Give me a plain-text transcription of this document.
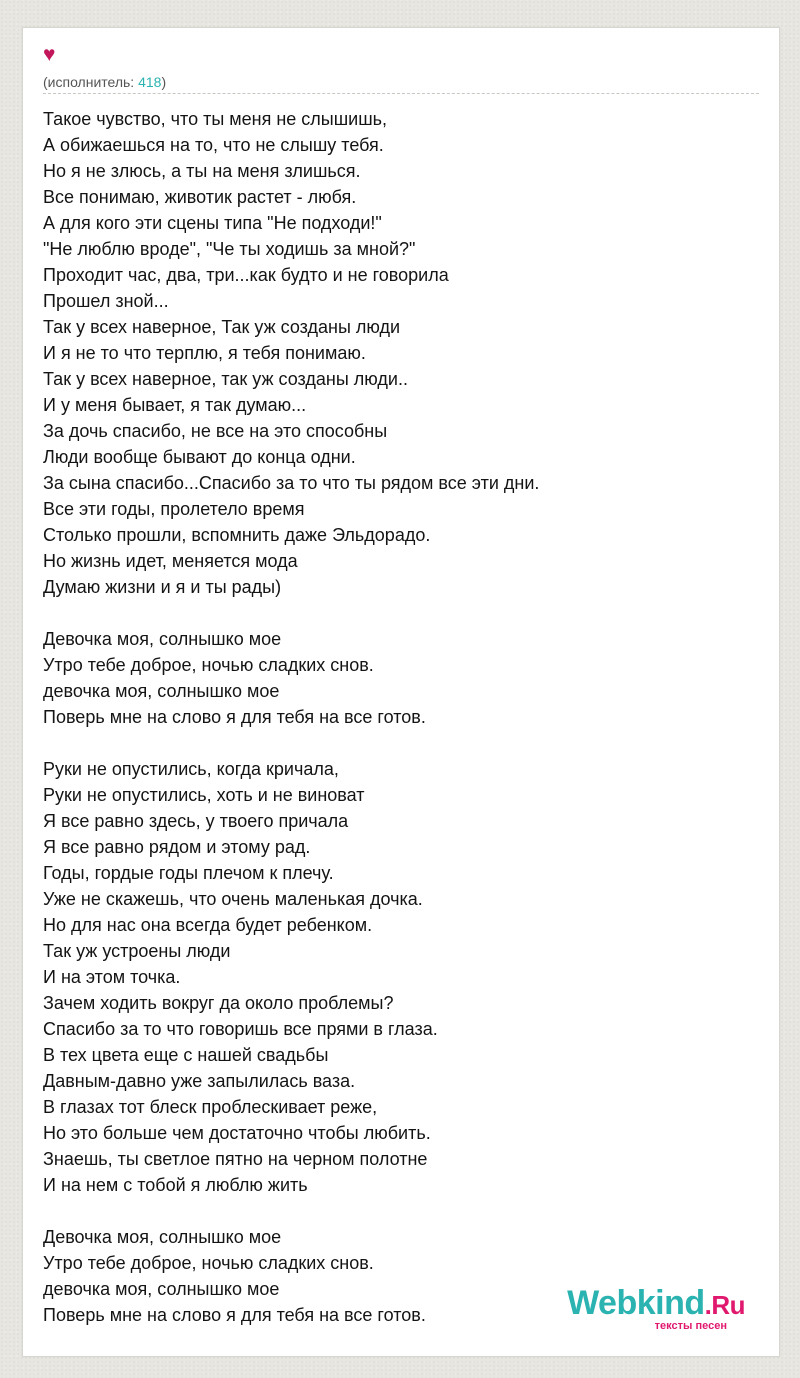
♥
(исполнитель: 418)
Такое чувство, что ты меня не слышишь,
А обижаешься на то, что не слышу тебя.
Но я не злюсь, а ты на меня злишься.
Все понимаю, животик растет - любя.
А для кого эти сцены типа "Не подходи!"
"Не люблю вроде", "Че ты ходишь за мной?"
Проходит час, два, три...как будто и не говорила
Прошел зной...
Так у всех наверное, Так уж созданы люди
И я не то что терплю, я тебя понимаю.
Так у всех наверное, так уж созданы люди..
И у меня бывает, я так думаю...
За дочь спасибо, не все на это способны
Люди вообще бывают до конца одни.
За сына спасибо...Спасибо за то что ты рядом все эти дни.
Все эти годы, пролетело время
Столько прошли, вспомнить даже Эльдорадо.
Но жизнь идет, меняется мода
Думаю жизни и я и ты рады)
Девочка моя, солнышко мое
Утро тебе доброе, ночью сладких снов.
девочка моя, солнышко мое
Поверь мне на слово я для тебя на все готов.
Руки не опустились, когда кричала,
Руки не опустились, хоть и не виноват
Я все равно здесь, у твоего причала
Я все равно рядом и этому рад.
Годы, гордые годы плечом к плечу.
Уже не скажешь, что очень маленькая дочка.
Но для нас она всегда будет ребенком.
Так уж устроены люди
И на этом точка.
Зачем ходить вокруг да около проблемы?
Спасибо за то что говоришь все прями в глаза.
В тех цвета еще с нашей свадьбы
Давным-давно уже запылилась ваза.
В глазах тот блеск проблескивает реже,
Но это больше чем достаточно чтобы любить.
Знаешь, ты светлое пятно на черном полотне
И на нем с тобой я люблю жить
Девочка моя, солнышко мое
Утро тебе доброе, ночью сладких снов.
девочка моя, солнышко мое
Поверь мне на слово я для тебя на все готов.	Webkind.Ru
тексты песен
